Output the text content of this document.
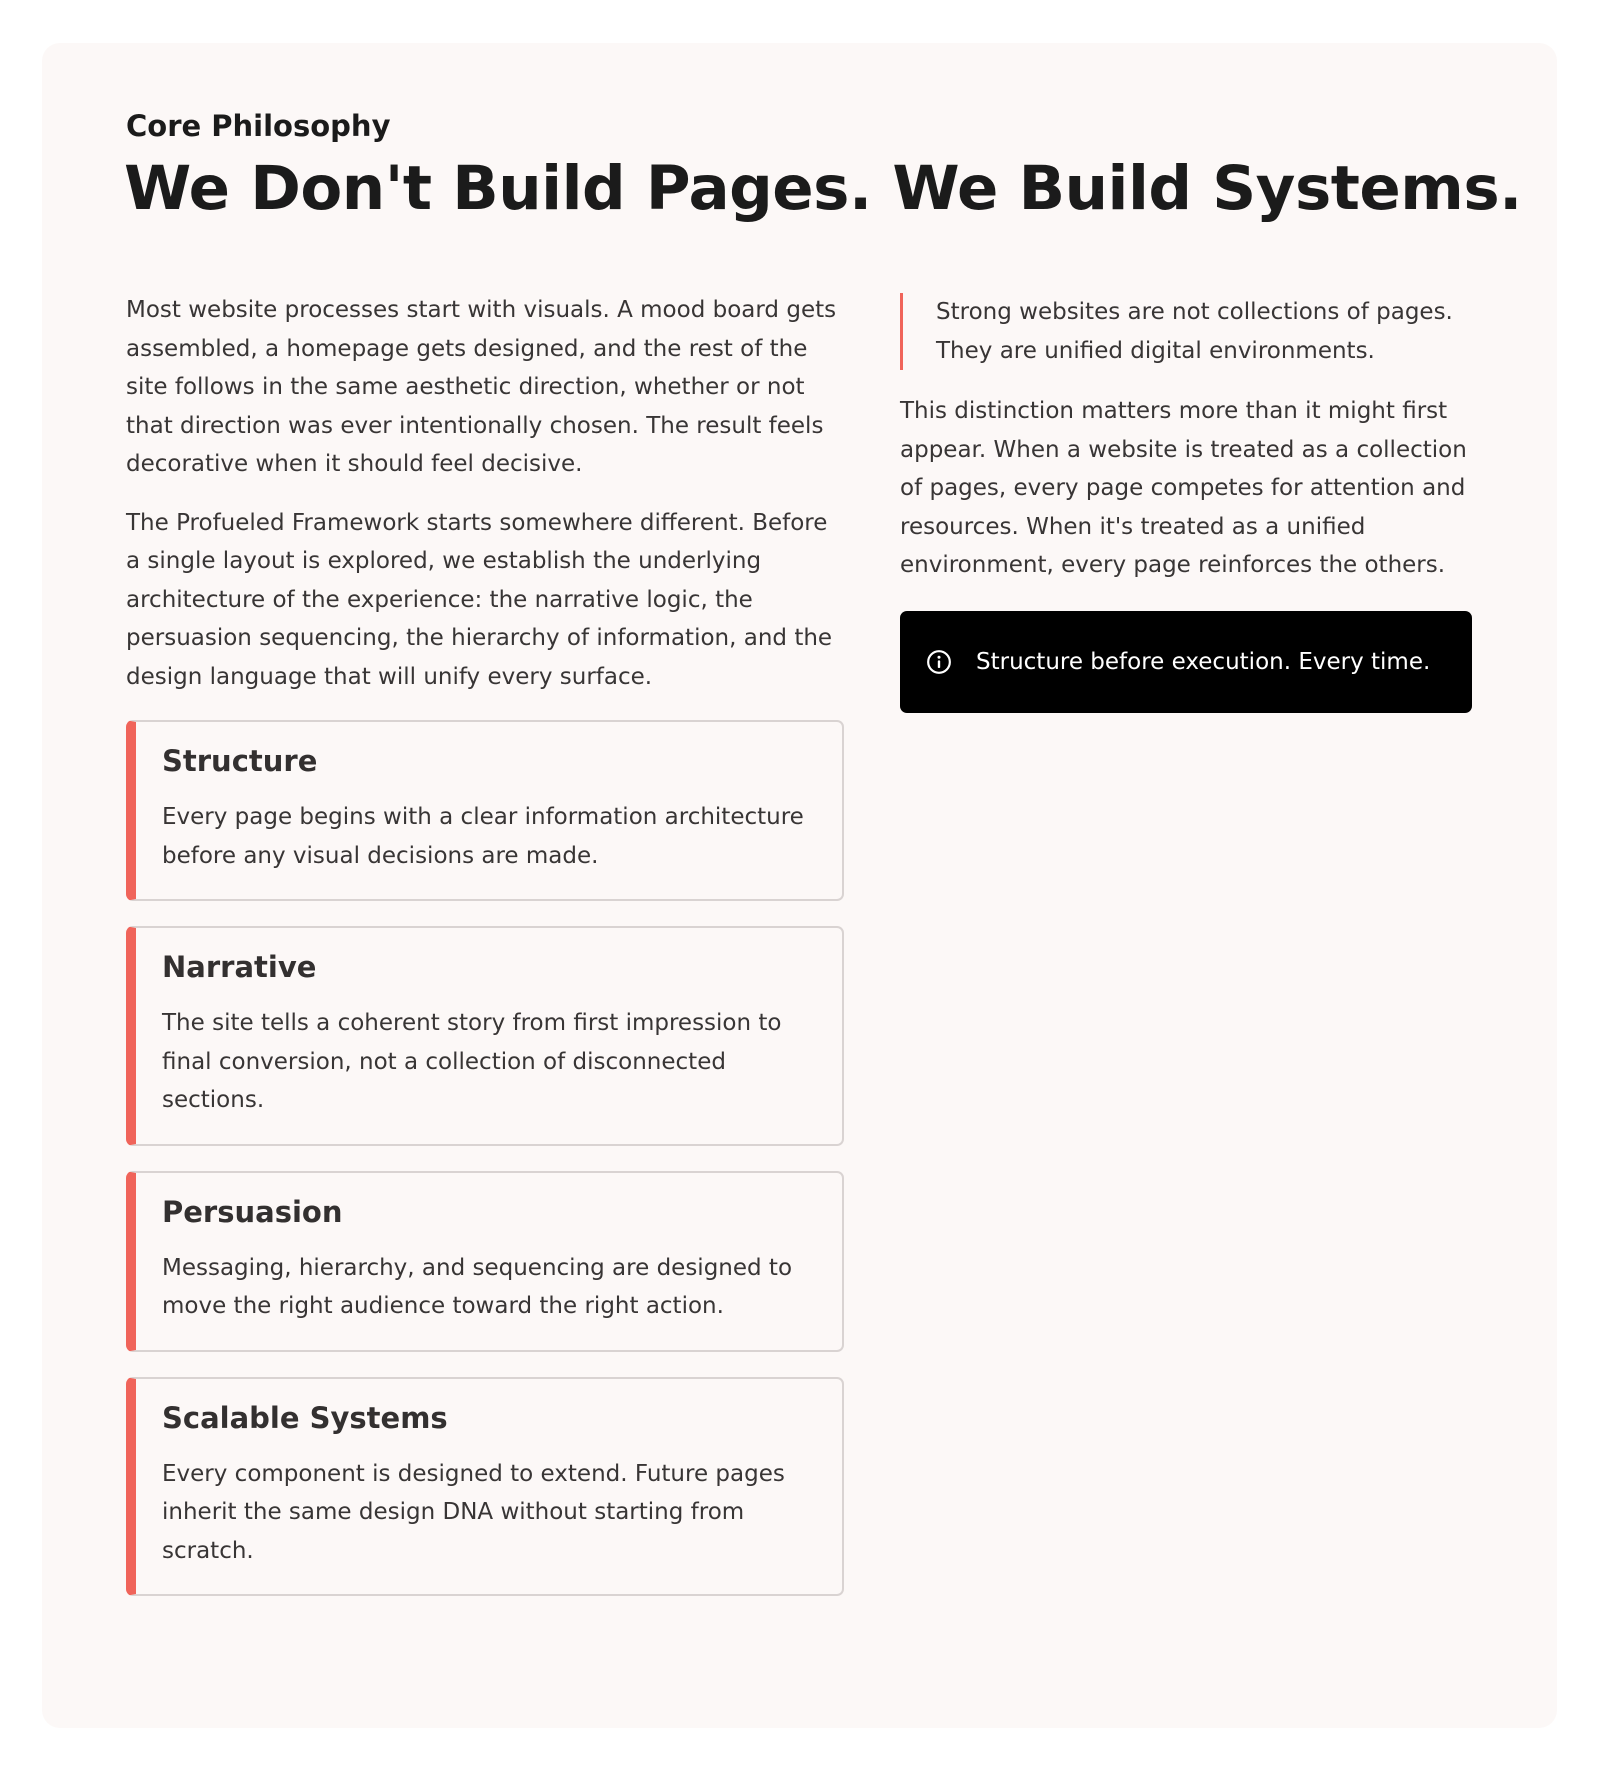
Core Philosophy
We Don't Build Pages. We Build Systems.

Most website processes start with visuals. A mood board gets assembled, a homepage gets designed, and the rest of the site follows in the same aesthetic direction, whether or not that direction was ever intentionally chosen. The result feels decorative when it should feel decisive.

The Profueled Framework starts somewhere different. Before a single layout is explored, we establish the underlying architecture of the experience: the narrative logic, the persuasion sequencing, the hierarchy of information, and the design language that will unify every surface.

Structure

Every page begins with a clear information architecture before any visual decisions are made.

Narrative

The site tells a coherent story from first impression to final conversion, not a collection of disconnected sections.

Persuasion

Messaging, hierarchy, and sequencing are designed to move the right audience toward the right action.

Scalable Systems

Every component is designed to extend. Future pages inherit the same design DNA without starting from scratch.

Strong websites are not collections of pages. They are unified digital environments.

This distinction matters more than it might first appear. When a website is treated as a collection of pages, every page competes for attention and resources. When it's treated as a unified environment, every page reinforces the others.

Structure before execution. Every time.
